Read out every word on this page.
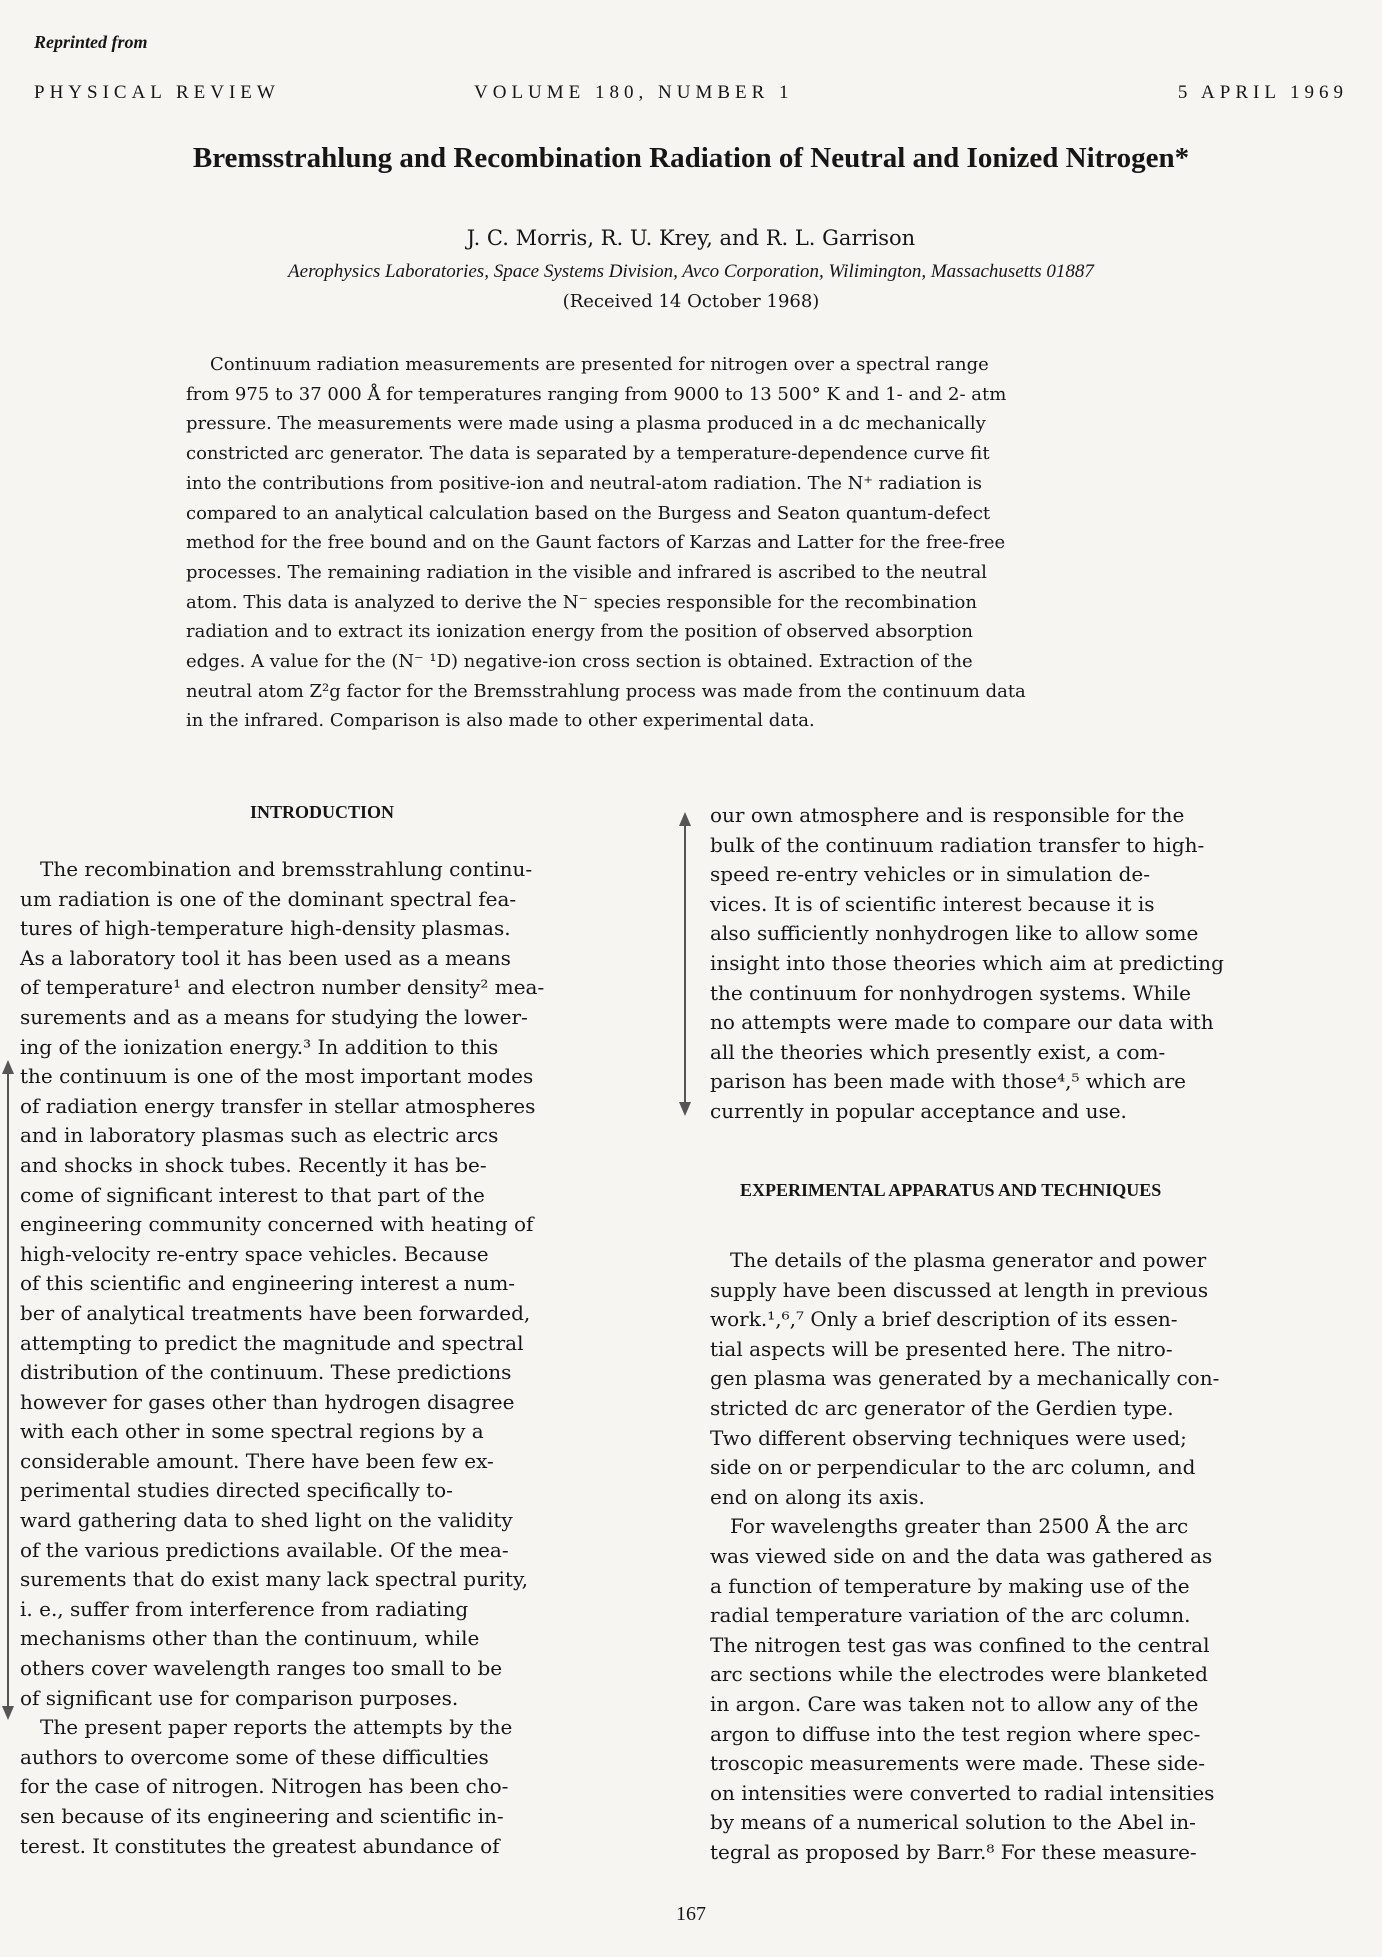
Reprinted from
PHYSICAL REVIEW	VOLUME 180, NUMBER 1	5 APRIL 1969
Bremsstrahlung and Recombination Radiation of Neutral and Ionized Nitrogen*
J. C. Morris, R. U. Krey, and R. L. Garrison
Aerophysics Laboratories, Space Systems Division, Avco Corporation, Wilimington, Massachusetts 01887
(Received 14 October 1968)
Continuum radiation measurements are presented for nitrogen over a spectral range
from 975 to 37 000 Å for temperatures ranging from 9000 to 13 500° K and 1- and 2- atm
pressure. The measurements were made using a plasma produced in a dc mechanically
constricted arc generator. The data is separated by a temperature-dependence curve fit
into the contributions from positive-ion and neutral-atom radiation. The N⁺ radiation is
compared to an analytical calculation based on the Burgess and Seaton quantum-defect
method for the free bound and on the Gaunt factors of Karzas and Latter for the free-free
processes. The remaining radiation in the visible and infrared is ascribed to the neutral
atom. This data is analyzed to derive the N⁻ species responsible for the recombination
radiation and to extract its ionization energy from the position of observed absorption
edges. A value for the (N⁻ ¹D) negative-ion cross section is obtained. Extraction of the
neutral atom Z²g factor for the Bremsstrahlung process was made from the continuum data
in the infrared. Comparison is also made to other experimental data.
INTRODUCTION
The recombination and bremsstrahlung continu-
um radiation is one of the dominant spectral fea-
tures of high-temperature high-density plasmas.
As a laboratory tool it has been used as a means
of temperature¹ and electron number density² mea-
surements and as a means for studying the lower-
ing of the ionization energy.³ In addition to this
the continuum is one of the most important modes
of radiation energy transfer in stellar atmospheres
and in laboratory plasmas such as electric arcs
and shocks in shock tubes. Recently it has be-
come of significant interest to that part of the
engineering community concerned with heating of
high-velocity re-entry space vehicles. Because
of this scientific and engineering interest a num-
ber of analytical treatments have been forwarded,
attempting to predict the magnitude and spectral
distribution of the continuum. These predictions
however for gases other than hydrogen disagree
with each other in some spectral regions by a
considerable amount. There have been few ex-
perimental studies directed specifically to-
ward gathering data to shed light on the validity
of the various predictions available. Of the mea-
surements that do exist many lack spectral purity,
i. e., suffer from interference from radiating
mechanisms other than the continuum, while
others cover wavelength ranges too small to be
of significant use for comparison purposes.
The present paper reports the attempts by the
authors to overcome some of these difficulties
for the case of nitrogen. Nitrogen has been cho-
sen because of its engineering and scientific in-
terest. It constitutes the greatest abundance of
our own atmosphere and is responsible for the
bulk of the continuum radiation transfer to high-
speed re-entry vehicles or in simulation de-
vices. It is of scientific interest because it is
also sufficiently nonhydrogen like to allow some
insight into those theories which aim at predicting
the continuum for nonhydrogen systems. While
no attempts were made to compare our data with
all the theories which presently exist, a com-
parison has been made with those⁴,⁵ which are
currently in popular acceptance and use.
EXPERIMENTAL APPARATUS AND TECHNIQUES
The details of the plasma generator and power
supply have been discussed at length in previous
work.¹,⁶,⁷ Only a brief description of its essen-
tial aspects will be presented here. The nitro-
gen plasma was generated by a mechanically con-
stricted dc arc generator of the Gerdien type.
Two different observing techniques were used;
side on or perpendicular to the arc column, and
end on along its axis.
For wavelengths greater than 2500 Å the arc
was viewed side on and the data was gathered as
a function of temperature by making use of the
radial temperature variation of the arc column.
The nitrogen test gas was confined to the central
arc sections while the electrodes were blanketed
in argon. Care was taken not to allow any of the
argon to diffuse into the test region where spec-
troscopic measurements were made. These side-
on intensities were converted to radial intensities
by means of a numerical solution to the Abel in-
tegral as proposed by Barr.⁸ For these measure-
167
